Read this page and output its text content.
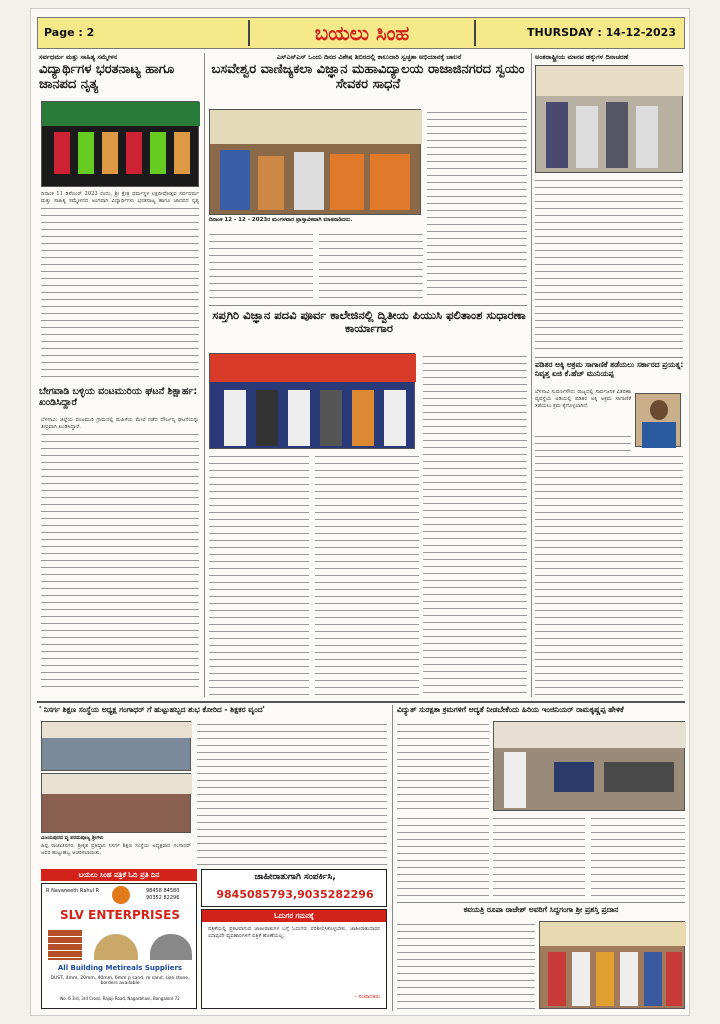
Page : 2	ಬಯಲು ಸಿಂಹ	THURSDAY : 14-12-2023
ಸರ್ವಧರ್ಮ ಮತ್ತು ಸಾಹಿತ್ಯ ಸಮ್ಮೇಳನ
ವಿದ್ಯಾರ್ಥಿಗಳ ಭರತನಾಟ್ಯ ಹಾಗೂ ಜಾನಪದ ನೃತ್ಯ
ದಿನಾಂಕ 11 ಡಿಸೆಂಬರ್ 2023 ರಂದು, ಶ್ರೀ ಕ್ಷೇತ್ರ ಧರ್ಮಸ್ಥಳ ಲಕ್ಷದೀಪೋತ್ಸವ ಸರ್ವಧರ್ಮ ಮತ್ತು ಸಾಹಿತ್ಯ ಸಮ್ಮೇಳನದ ಅಂಗವಾಗಿ ವಿದ್ಯಾರ್ಥಿಗಳು ಭರತನಾಟ್ಯ ಹಾಗೂ ಜಾನಪದ ನೃತ್ಯ
ಬೇಗವಾಡಿ ಬಳ್ಳಿಯ ವಂಟಮುರಿಯ ಘಟನೆ ಶಿಕ್ಷಾರ್ಹ: ಖಂಡಿಸಿದ್ದಾರೆ
ಬೆಳಗಾವಿ: ಜಿಲ್ಲೆಯ ವಂಟಮುರಿ ಗ್ರಾಮದಲ್ಲಿ ಮಹಿಳೆಯ ಮೇಲೆ ನಡೆದ ದೌರ್ಜನ್ಯ ಘಟನೆಯನ್ನು ತೀವ್ರವಾಗಿ ಖಂಡಿಸಿದ್ದಾರೆ.
ಎಸ್‌ಎಸ್‌ಎಸ್ ಒಂದು ದಿನದ ವಿಶೇಷ ಶಿಬಿರದಲ್ಲಿ ಕಾಲುದಾರಿ ಸ್ವಚ್ಛತಾ ಅಭಿಯಾನಕ್ಕೆ ಚಾಲನೆ
ಬಸವೇಶ್ವರ ವಾಣಿಜ್ಯಕಲಾ ವಿಜ್ಞಾನ ಮಹಾವಿದ್ಯಾಲಯ ರಾಜಾಜಿನಗರದ ಸ್ವಯಂ ಸೇವಕರ ಸಾಧನೆ
ದಿನಾಂಕ 12 - 12 - 2023ರ ಮಂಗಳವಾರ ಪ್ರಾಸ್ತಾವಿಕವಾಗಿ ಮಾತನಾಡಿದರು.
ಸಪ್ತಗಿರಿ ವಿಜ್ಞಾನ ಪದವಿ ಪೂರ್ವ ಕಾಲೇಜಿನಲ್ಲಿ ದ್ವಿತೀಯ ಪಿಯುಸಿ ಫಲಿತಾಂಶ ಸುಧಾರಣಾ ಕಾರ್ಯಾಗಾರ
ಅಂತರಾಷ್ಟ್ರೀಯ ಮಾನವ ಹಕ್ಕುಗಳ ದಿನಾಚರಣೆ
ಪಡಿತರ ಅಕ್ಕಿ ಅಕ್ರಮ ಸಾಗಾಣಿಕೆ ತಡೆಯಲು ಸರ್ಕಾರದ ಪ್ರಯತ್ನ: ನಿವೃತ್ತ ಐಜಿ ಕೆ.ಹೆಚ್ ಮುನಿಯಪ್ಪ
ಬೆಳಗಾವಿ ಸುವರ್ಣಸೌಧ: ರಾಜ್ಯದಲ್ಲಿ ಸಾರ್ವಜನಿಕ ವಿತರಣಾ ವ್ಯವಸ್ಥೆಯ ಅಡಿಯಲ್ಲಿ ಪಡಿತರ ಅಕ್ಕಿ ಅಕ್ರಮ ಸಾಗಾಣಿಕೆ ತಡೆಯಲು ಕ್ರಮ ಕೈಗೊಳ್ಳಲಾಗಿದೆ.
' ನಿಸರ್ಗ ಶಿಕ್ಷಣ ಸಂಸ್ಥೆಯ ಅಧ್ಯಕ್ಷ ಗಂಗಾಧರ್ ಗೆ ಹುಟ್ಟುಹಬ್ಬದ ಶುಭ ಕೋರಿದ - ಶಿಕ್ಷಕರ ವೃಂದ'
ವಿಜಯಪುರದ ವ್ಯ ಪರಮಪೂಜ್ಯ ಶ್ರೀಗಳು
ಹಿಪ್ಪ ರಾಜಾಜಿನಗರ: ಶ್ರೀಕೃತ ಪ್ರತಿಷ್ಠಾನ ನಿಸರ್ಗ ಶಿಕ್ಷಣ ಸಂಸ್ಥೆಯ ಅಧ್ಯಕ್ಷರಾದ ಗಂಗಾಧರ್ ಅವರ ಹುಟ್ಟುಹಬ್ಬ ಆಚರಿಸಲಾಯಿತು.
ಬಯಲು ಸಿಂಹ ಪತ್ರಿಕೆ ಓದಿ ಪ್ರತಿ ದಿನ
98458 84580
90352 82296
R Navaneeth Rahul R
SLV ENTERPRISES
All Building Metireals Suppliers
DUST, 4mm, 20mm, 40mm, 6mm p sand, m sand, size stone, borders available
No. 6 3rd, 3rd Cross, Rajaji Road, Nagarbhavi, Bangalore 72
ಜಾಹೀರಾತುಗಾಗಿ ಸಂಪರ್ಕಿಸಿ,
9845085793,9035282296
ಓದುಗರ ಗಮನಕ್ಕೆ
ಪತ್ರಿಕೆಯಲ್ಲಿ ಪ್ರಕಟವಾಗುವ ಜಾಹೀರಾತುಗಳ ಬಗ್ಗೆ ಓದುಗರು ಪರಿಶೀಲಿಸಿಕೊಳ್ಳಬೇಕು. ಜಾಹೀರಾತುದಾರರ ಯಾವುದೇ ವ್ಯವಹಾರಗಳಿಗೆ ಪತ್ರಿಕೆ ಹೊಣೆಯಲ್ಲ.
- ಸಂಪಾದಕರು
ವಿದ್ಯುತ್ ಸುರಕ್ಷತಾ ಕ್ರಮಗಳಿಗೆ ಆದ್ಯತೆ ನೀಡಬೇಕೆಂದು ಹಿರಿಯ ಇಂಜಿನಿಯರ್ ರಾಮಕೃಷ್ಣಪ್ಪ ಹೇಳಿಕೆ
ಕವಯತ್ರಿ ರೂಪಾ ರಾಜೇಶ್ ಅವರಿಗೆ ಸಿದ್ದಗಂಗಾ ಶ್ರೀ ಪ್ರಶಸ್ತಿ ಪ್ರದಾನ
